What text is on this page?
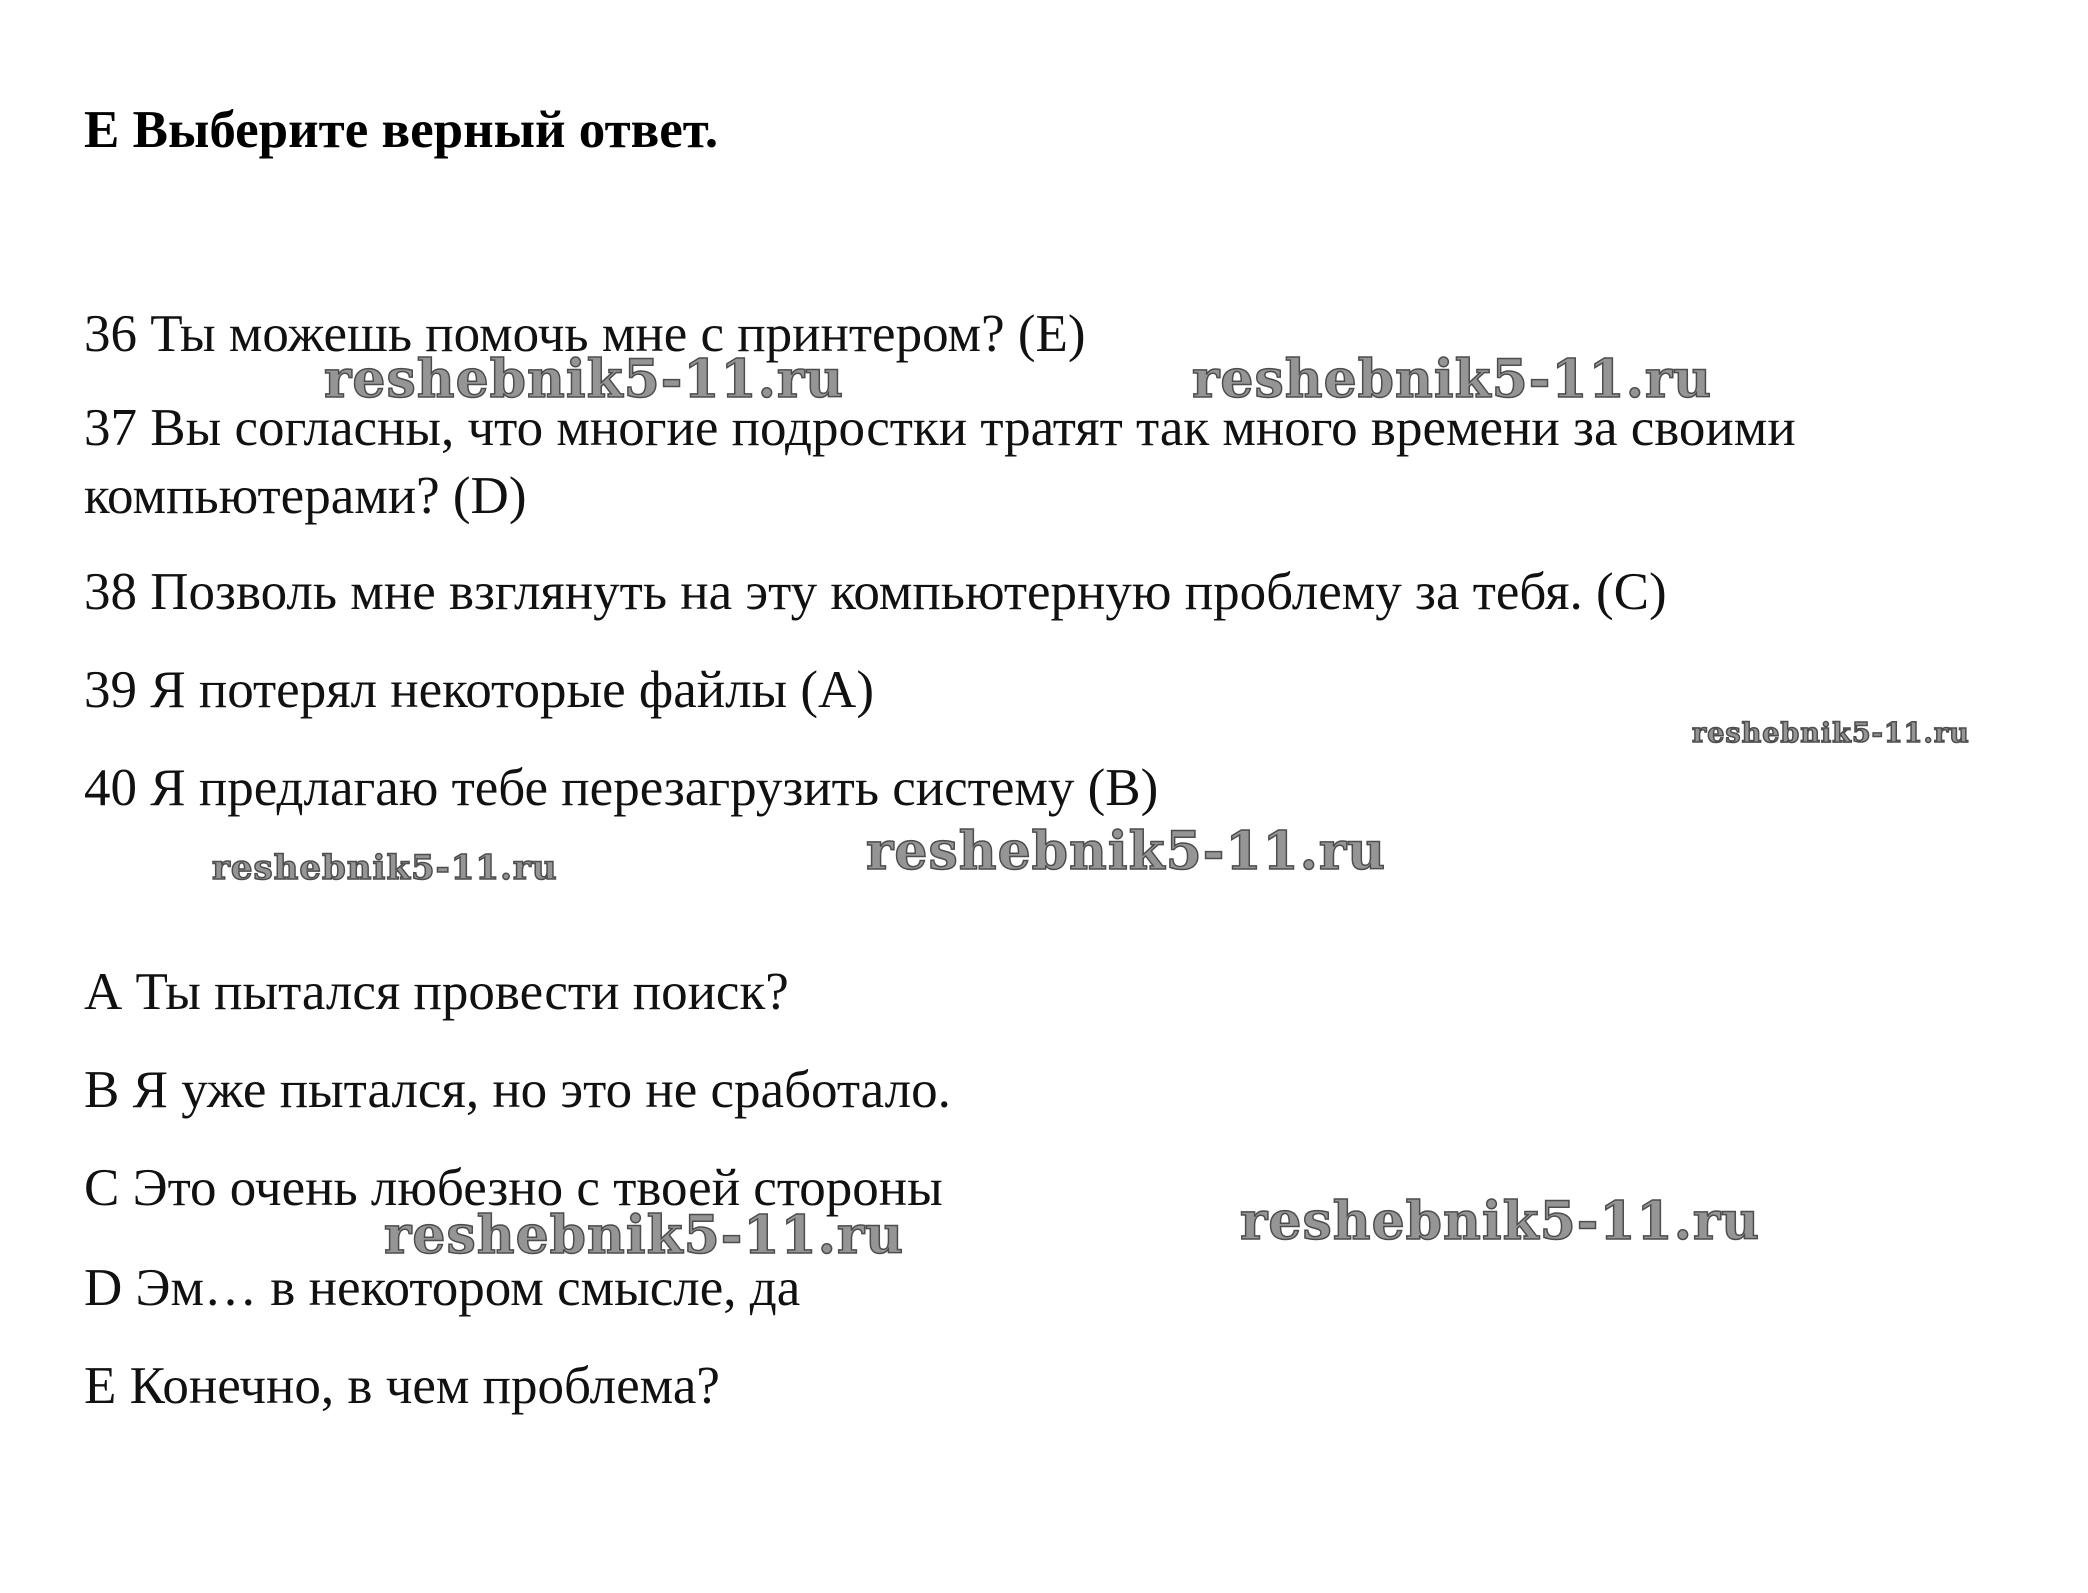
E Выберите верный ответ.
36 Ты можешь помочь мне с принтером? (Е)
37 Вы согласны, что многие подростки тратят так много времени за своими
компьютерами? (D)
38 Позволь мне взглянуть на эту компьютерную проблему за тебя. (С)
39 Я потерял некоторые файлы (А)
40 Я предлагаю тебе перезагрузить систему (В)
А Ты пытался провести поиск?
В Я уже пытался, но это не сработало.
С Это очень любезно с твоей стороны
D Эм… в некотором смысле, да
Е Конечно, в чем проблема?
reshebnik5-11.ru	reshebnik5-11.ru
reshebnik5-11.ru
reshebnik5-11.ru	reshebnik5-11.ru
reshebnik5-11.ru	reshebnik5-11.ru
